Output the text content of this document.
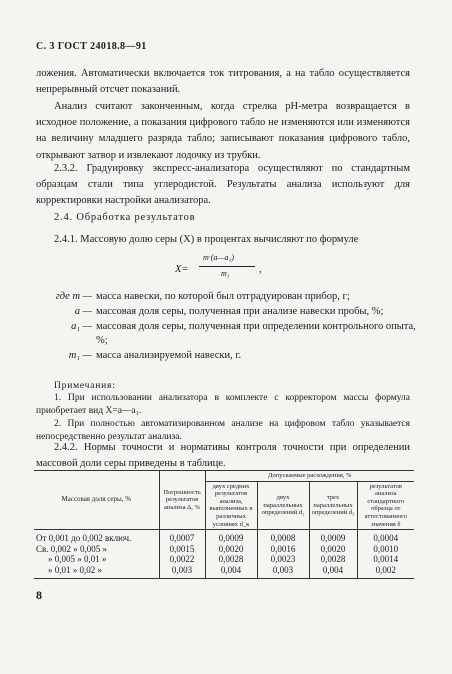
С. 3 ГОСТ 24018.8—91
ложения. Автоматически включается ток титрования, а на табло осуществляется непрерывный отсчет показаний.
Анализ считают законченным, когда стрелка рН-метра возвращается в исходное положение, а показания цифрового табло не изменяются или изменяются на величину младшего разряда табло; записывают показания цифрового табло, открывают затвор и извлекают лодочку из трубки.
2.3.2. Градуировку экспресс-анализатора осуществляют по стандартным образцам стали типа углеродистой. Результаты анализа используют для корректировки настройки анализатора.
2.4. Обработка результатов
2.4.1. Массовую долю серы (X) в процентах вычисляют по формуле
X=
m·(a—a₁)
m₁	,
где m — масса навески, по которой был отградуирован прибор, г;
a — массовая доля серы, полученная при анализе навески пробы, %;
a₁ — массовая доля серы, полученная при определении контрольного опыта, %;
m₁ — масса анализируемой навески, г.
Примечания:
1. При использовании анализатора в комплекте с корректором массы формула приобретает вид X=a—a₁.
2. При полностью автоматизированном анализе на цифровом табло указывается непосредственно результат анализа.
2.4.2. Нормы точности и нормативы контроля точности при определении массовой доли серы приведены в таблице.
Массовая доля серы, %	Погрешность результатов анализа Δ, %	Допускаемые расхождения, %			
		двух средних результатов анализа, выполненных в различных условиях d_к	двух параллельных определений d₂	трех параллельных определений d₃	результатов анализа стандартного образца от аттестованного значения δ
От 0,001 до 0,002 включ.	0,0007	0,0009	0,0008	0,0009	0,0004
Св. 0,002 » 0,005 »	0,0015	0,0020	0,0016	0,0020	0,0010
» 0,005 » 0,01 »	0,0022	0,0028	0,0023	0,0028	0,0014
» 0,01 » 0,02 »	0,003	0,004	0,003	0,004	0,002
8
